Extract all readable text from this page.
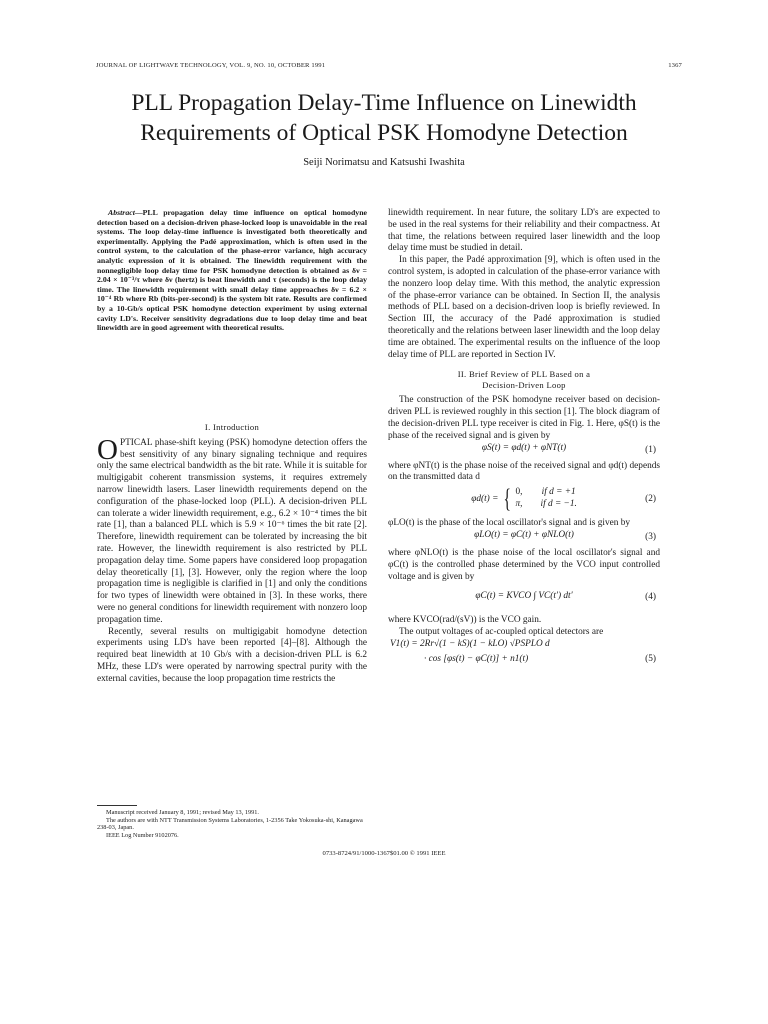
JOURNAL OF LIGHTWAVE TECHNOLOGY, VOL. 9, NO. 10, OCTOBER 1991	1367
PLL Propagation Delay-Time Influence on Linewidth
Requirements of Optical PSK Homodyne Detection
Seiji Norimatsu and Katsushi Iwashita

Abstract—PLL propagation delay time influence on optical homodyne detection based on a decision-driven phase-locked loop is unavoidable in the real systems. The loop delay-time influence is investigated both theoretically and experimentally. Applying the Padé approximation, which is often used in the control system, to the calculation of the phase-error variance, high accuracy analytic expression of it is obtained. The linewidth requirement with the nonnegligible loop delay time for PSK homodyne detection is obtained as δν = 2.04 × 10⁻³/τ where δν (hertz) is beat linewidth and τ (seconds) is the loop delay time. The linewidth requirement with small delay time approaches δν = 6.2 × 10⁻⁴ Rb where Rb (bits-per-second) is the system bit rate. Results are confirmed by a 10-Gb/s optical PSK homodyne detection experiment by using external cavity LD's. Receiver sensitivity degradations due to loop delay time and beat linewidth are in good agreement with theoretical results.

I. Introduction

OPTICAL phase-shift keying (PSK) homodyne detection offers the best sensitivity of any binary signaling technique and requires only the same electrical bandwidth as the bit rate. While it is suitable for multigigabit coherent transmission systems, it requires extremely narrow linewidth lasers. Laser linewidth requirements depend on the configuration of the phase-locked loop (PLL). A decision-driven PLL can tolerate a wider linewidth requirement, e.g., 6.2 × 10⁻⁴ times the bit rate [1], than a balanced PLL which is 5.9 × 10⁻⁶ times the bit rate [2]. Therefore, linewidth requirement can be tolerated by increasing the bit rate. However, the linewidth requirement is also restricted by PLL propagation delay time. Some papers have considered loop propagation delay theoretically [1], [3]. However, only the region where the loop propagation time is negligible is clarified in [1] and only the conditions for two types of linewidth were obtained in [3]. In these works, there were no general conditions for linewidth requirement with nonzero loop propagation time.

Recently, several results on multigigabit homodyne detection experiments using LD's have been reported [4]–[8]. Although the required beat linewidth at 10 Gb/s with a decision-driven PLL is 6.2 MHz, these LD's were operated by narrowing spectral purity with the external cavities, because the loop propagation time restricts the

Manuscript received January 8, 1991; revised May 13, 1991.
The authors are with NTT Transmission Systems Laboratories, 1-2356 Take Yokosuka-shi, Kanagawa 238-03, Japan.
IEEE Log Number 9102076.

linewidth requirement. In near future, the solitary LD's are expected to be used in the real systems for their reliability and their compactness. At that time, the relations between required laser linewidth and the loop delay time must be studied in detail.

In this paper, the Padé approximation [9], which is often used in the control system, is adopted in calculation of the phase-error variance with the nonzero loop delay time. With this method, the analytic expression of the phase-error variance can be obtained. In Section II, the analysis methods of PLL based on a decision-driven loop is briefly reviewed. In Section III, the accuracy of the Padé approximation is studied theoretically and the relations between laser linewidth and the loop delay time are obtained. The experimental results on the influence of the loop delay time of PLL are reported in Section IV.

II. Brief Review of PLL Based on a
Decision-Driven Loop

The construction of the PSK homodyne receiver based on decision-driven PLL is reviewed roughly in this section [1]. The block diagram of the decision-driven PLL type receiver is cited in Fig. 1. Here, φS(t) is the phase of the received signal and is given by

φS(t) = φd(t) + φNT(t)	(1)

where φNT(t) is the phase noise of the received signal and φd(t) depends on the transmitted data d

φd(t) = { 0,	if d = +1
π,	if d = −1.	(2)

φLO(t) is the phase of the local oscillator's signal and is given by

φLO(t) = φC(t) + φNLO(t)	(3)

where φNLO(t) is the phase noise of the local oscillator's signal and φC(t) is the controlled phase determined by the VCO input controlled voltage and is given by

φC(t) = KVCO ∫ VC(t′) dt′	(4)

where KVCO(rad/(sV)) is the VCO gain.

The output voltages of ac-coupled optical detectors are

V1(t) = 2Rr√(1 − kS)(1 − kLO) √PSPLO d
· cos [φs(t) − φC(t)] + n1(t)	(5)
0733-8724/91/1000-1367$01.00 © 1991 IEEE
